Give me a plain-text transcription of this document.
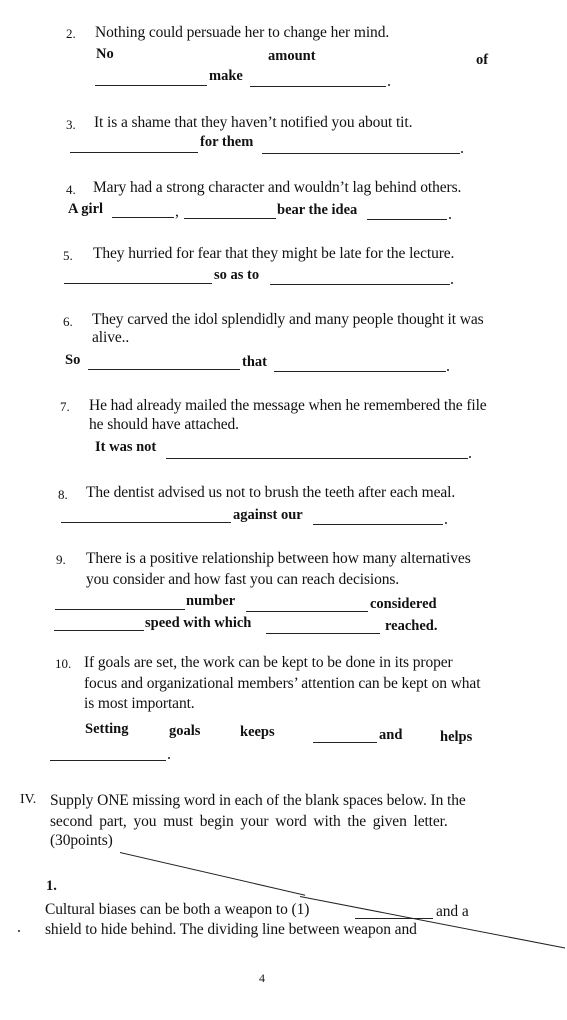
2. Nothing could persuade her to change her mind.
No	amount	of
make
3. It is a shame that they haven’t notified you about tit.
for them
4. Mary had a strong character and wouldn’t lag behind others.
A girl	,	bear the idea
5. They hurried for fear that they might be late for the lecture.
so as to
6. They carved the idol splendidly and many people thought it was
alive..
So	that
7. He had already mailed the message when he remembered the file
he should have attached.
It was not
8. The dentist advised us not to brush the teeth after each meal.
against our
9. There is a positive relationship between how many alternatives
you consider and how fast you can reach decisions.
number	considered
speed with which	reached.
10. If goals are set, the work can be kept to be done in its proper
focus and organizational members’ attention can be kept on what
is most important.
Setting	goals	keeps	and	helps
IV. Supply ONE missing word in each of the blank spaces below. In the
second part, you must begin your word with the given letter.
(30points)
1.
Cultural biases can be both a weapon to (1)	and a
shield to hide behind. The dividing line between weapon and
4
